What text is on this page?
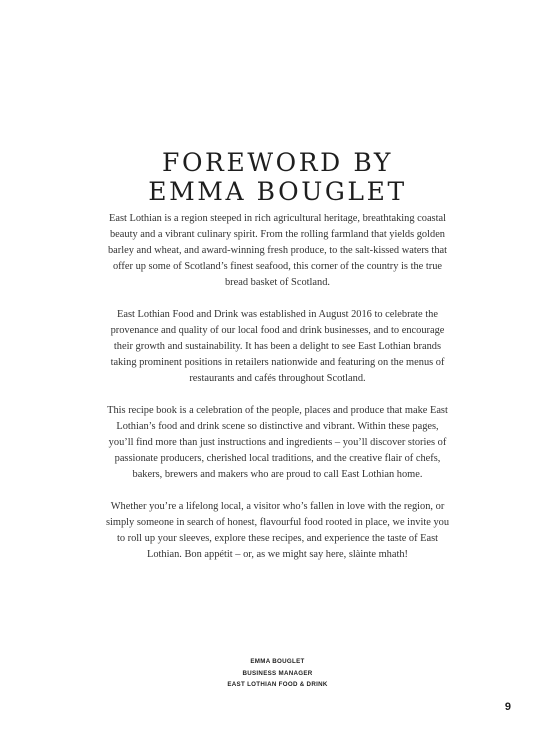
FOREWORD BY
EMMA BOUGLET

East Lothian is a region steeped in rich agricultural heritage, breathtaking coastal beauty and a vibrant culinary spirit. From the rolling farmland that yields golden barley and wheat, and award-winning fresh produce, to the salt-kissed waters that offer up some of Scotland’s finest seafood, this corner of the country is the true bread basket of Scotland.

East Lothian Food and Drink was established in August 2016 to celebrate the provenance and quality of our local food and drink businesses, and to encourage their growth and sustainability. It has been a delight to see East Lothian brands taking prominent positions in retailers nationwide and featuring on the menus of restaurants and cafés throughout Scotland.

This recipe book is a celebration of the people, places and produce that make East Lothian’s food and drink scene so distinctive and vibrant. Within these pages, you’ll find more than just instructions and ingredients – you’ll discover stories of passionate producers, cherished local traditions, and the creative flair of chefs, bakers, brewers and makers who are proud to call East Lothian home.

Whether you’re a lifelong local, a visitor who’s fallen in love with the region, or simply someone in search of honest, flavourful food rooted in place, we invite you to roll up your sleeves, explore these recipes, and experience the taste of East Lothian. Bon appétit – or, as we might say here, slàinte mhath!

EMMA BOUGLET
BUSINESS MANAGER
EAST LOTHIAN FOOD & DRINK
9
